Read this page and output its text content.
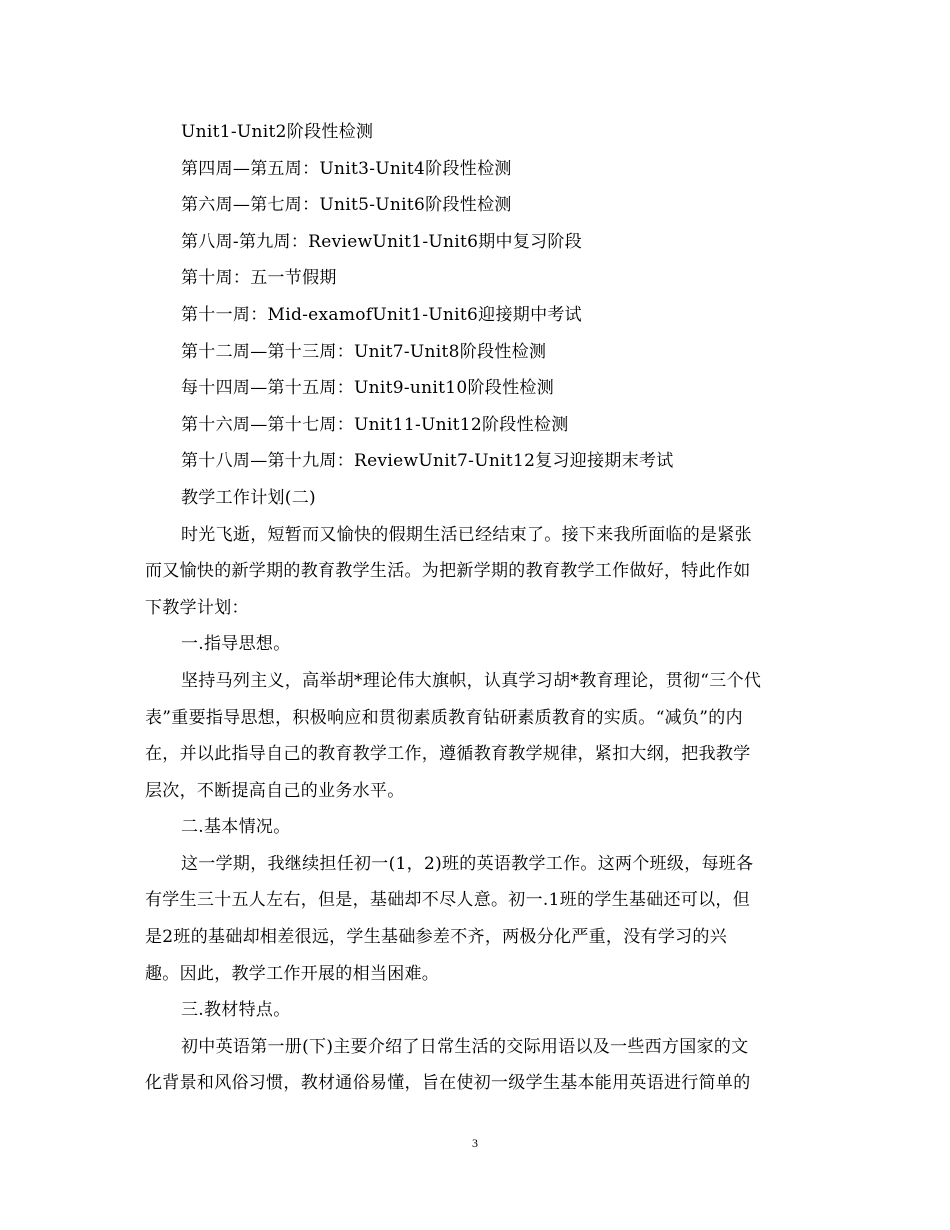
Unit1-Unit2阶段性检测
第四周—第五周：Unit3-Unit4阶段性检测
第六周—第七周：Unit5-Unit6阶段性检测
第八周-第九周：ReviewUnit1-Unit6期中复习阶段
第十周：五一节假期
第十一周：Mid-examofUnit1-Unit6迎接期中考试
第十二周—第十三周：Unit7-Unit8阶段性检测
每十四周—第十五周：Unit9-unit10阶段性检测
第十六周—第十七周：Unit11-Unit12阶段性检测
第十八周—第十九周：ReviewUnit7-Unit12复习迎接期末考试
教学工作计划(二)
时光飞逝，短暂而又愉快的假期生活已经结束了。接下来我所面临的是紧张
而又愉快的新学期的教育教学生活。为把新学期的教育教学工作做好，特此作如
下教学计划：
一.指导思想。
坚持马列主义，高举胡*理论伟大旗帜，认真学习胡*教育理论，贯彻“三个代
表”重要指导思想，积极响应和贯彻素质教育钻研素质教育的实质。“减负”的内
在，并以此指导自己的教育教学工作，遵循教育教学规律，紧扣大纲，把我教学
层次，不断提高自己的业务水平。
二.基本情况。
这一学期，我继续担任初一(1，2)班的英语教学工作。这两个班级，每班各
有学生三十五人左右，但是，基础却不尽人意。初一.1班的学生基础还可以，但
是2班的基础却相差很远，学生基础参差不齐，两极分化严重，没有学习的兴
趣。因此，教学工作开展的相当困难。
三.教材特点。
初中英语第一册(下)主要介绍了日常生活的交际用语以及一些西方国家的文
化背景和风俗习惯，教材通俗易懂，旨在使初一级学生基本能用英语进行简单的
3
